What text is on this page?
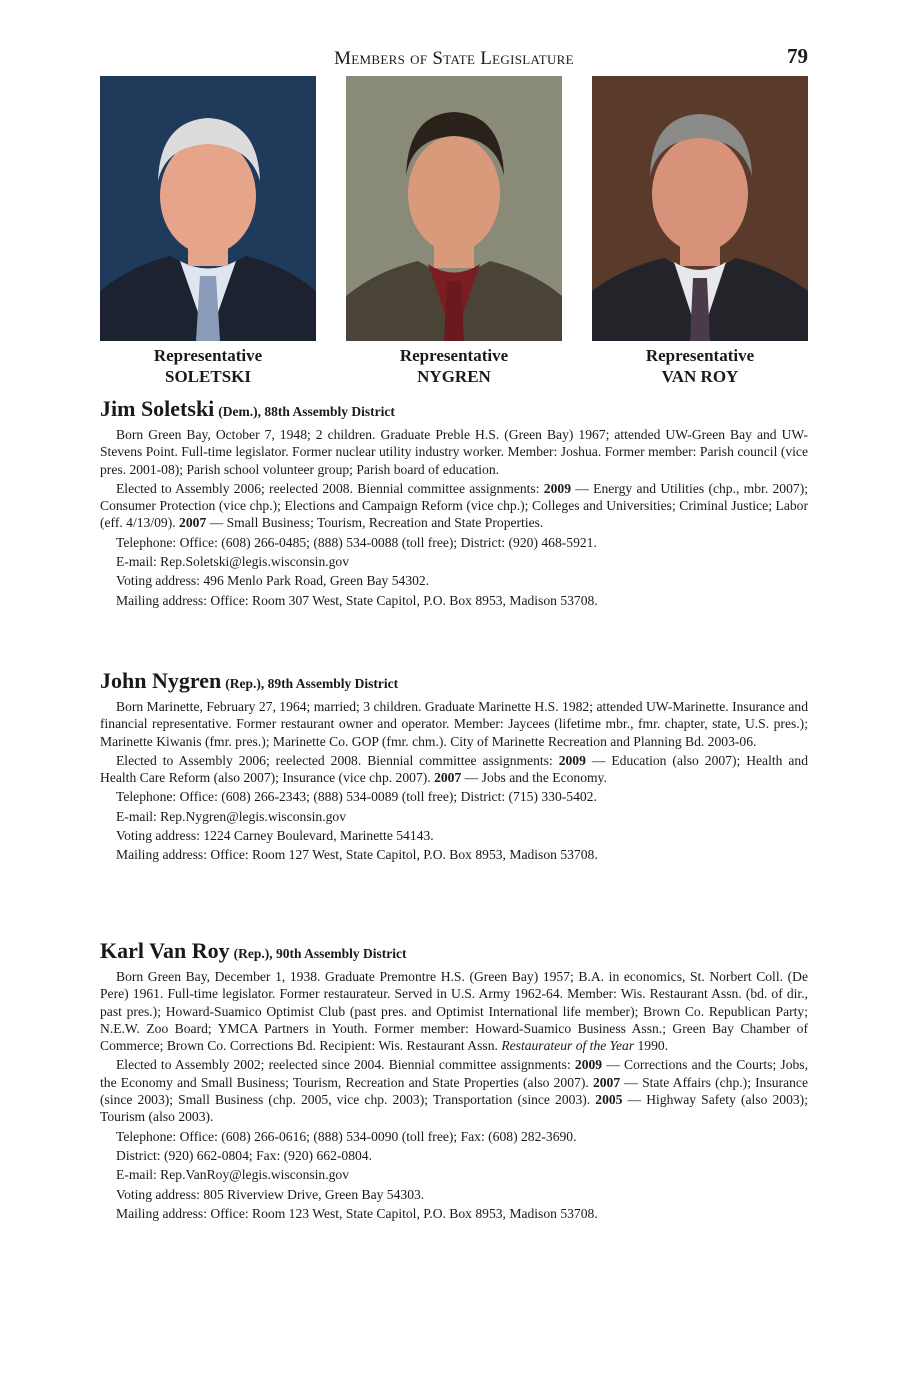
Members of State Legislature	79
Representative
SOLETSKI
Representative
NYGREN
Representative
VAN ROY
Jim Soletski (Dem.), 88th Assembly District

Born Green Bay, October 7, 1948; 2 children. Graduate Preble H.S. (Green Bay) 1967; attended UW-Green Bay and UW-Stevens Point. Full-time legislator. Former nuclear utility industry worker. Member: Joshua. Former member: Parish council (vice pres. 2001-08); Parish school volunteer group; Parish board of education.

Elected to Assembly 2006; reelected 2008. Biennial committee assignments: 2009 — Energy and Utilities (chp., mbr. 2007); Consumer Protection (vice chp.); Elections and Campaign Reform (vice chp.); Colleges and Universities; Criminal Justice; Labor (eff. 4/13/09). 2007 — Small Business; Tourism, Recreation and State Properties.

Telephone: Office: (608) 266-0485; (888) 534-0088 (toll free); District: (920) 468-5921.
E-mail: Rep.Soletski@legis.wisconsin.gov
Voting address: 496 Menlo Park Road, Green Bay 54302.
Mailing address: Office: Room 307 West, State Capitol, P.O. Box 8953, Madison 53708.
John Nygren (Rep.), 89th Assembly District

Born Marinette, February 27, 1964; married; 3 children. Graduate Marinette H.S. 1982; attended UW-Marinette. Insurance and financial representative. Former restaurant owner and operator. Member: Jaycees (lifetime mbr., fmr. chapter, state, U.S. pres.); Marinette Kiwanis (fmr. pres.); Marinette Co. GOP (fmr. chm.). City of Marinette Recreation and Planning Bd. 2003-06.

Elected to Assembly 2006; reelected 2008. Biennial committee assignments: 2009 — Education (also 2007); Health and Health Care Reform (also 2007); Insurance (vice chp. 2007). 2007 — Jobs and the Economy.

Telephone: Office: (608) 266-2343; (888) 534-0089 (toll free); District: (715) 330-5402.
E-mail: Rep.Nygren@legis.wisconsin.gov
Voting address: 1224 Carney Boulevard, Marinette 54143.
Mailing address: Office: Room 127 West, State Capitol, P.O. Box 8953, Madison 53708.
Karl Van Roy (Rep.), 90th Assembly District

Born Green Bay, December 1, 1938. Graduate Premontre H.S. (Green Bay) 1957; B.A. in economics, St. Norbert Coll. (De Pere) 1961. Full-time legislator. Former restaurateur. Served in U.S. Army 1962-64. Member: Wis. Restaurant Assn. (bd. of dir., past pres.); Howard-Suamico Optimist Club (past pres. and Optimist International life member); Brown Co. Republican Party; N.E.W. Zoo Board; YMCA Partners in Youth. Former member: Howard-Suamico Business Assn.; Green Bay Chamber of Commerce; Brown Co. Corrections Bd. Recipient: Wis. Restaurant Assn. Restaurateur of the Year 1990.

Elected to Assembly 2002; reelected since 2004. Biennial committee assignments: 2009 — Corrections and the Courts; Jobs, the Economy and Small Business; Tourism, Recreation and State Properties (also 2007). 2007 — State Affairs (chp.); Insurance (since 2003); Small Business (chp. 2005, vice chp. 2003); Transportation (since 2003). 2005 — Highway Safety (also 2003); Tourism (also 2003).

Telephone: Office: (608) 266-0616; (888) 534-0090 (toll free); Fax: (608) 282-3690.
District: (920) 662-0804; Fax: (920) 662-0804.
E-mail: Rep.VanRoy@legis.wisconsin.gov
Voting address: 805 Riverview Drive, Green Bay 54303.
Mailing address: Office: Room 123 West, State Capitol, P.O. Box 8953, Madison 53708.
